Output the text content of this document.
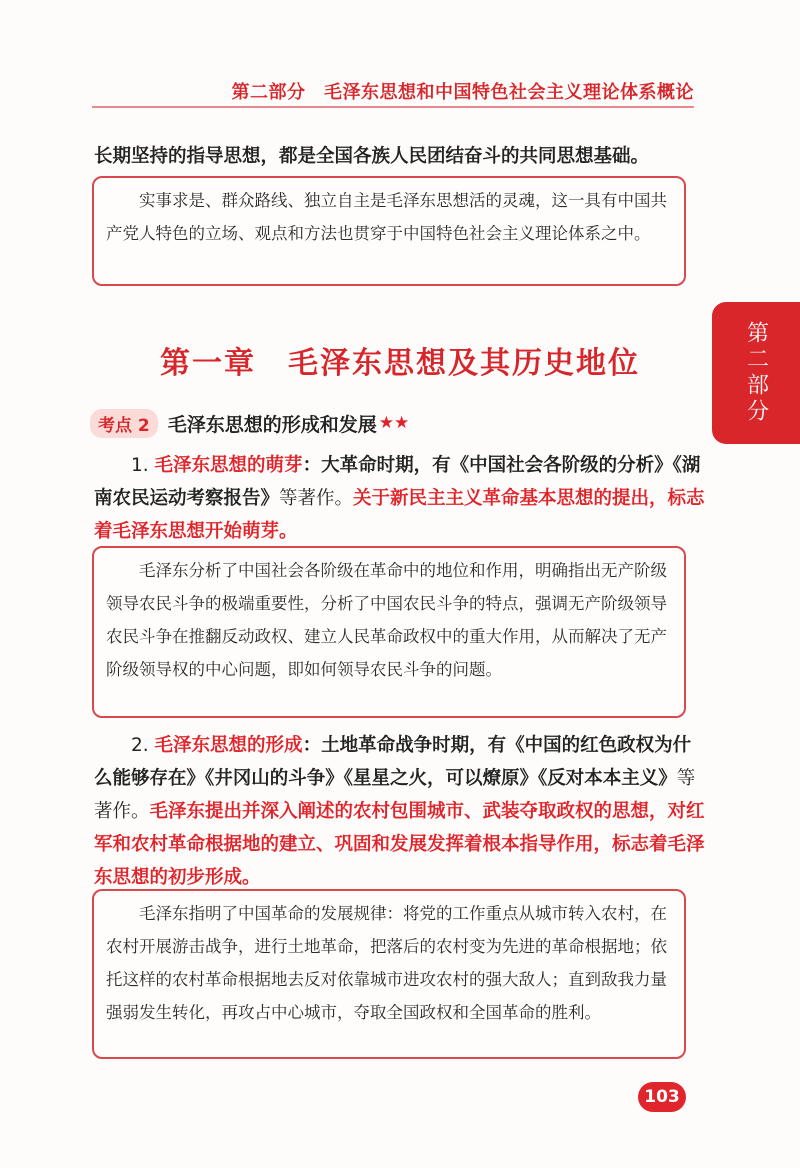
第二部分　毛泽东思想和中国特色社会主义理论体系概论

长期坚持的指导思想，都是全国各族人民团结奋斗的共同思想基础。

实事求是、群众路线、独立自主是毛泽东思想活的灵魂，这一具有中国共产党人特色的立场、观点和方法也贯穿于中国特色社会主义理论体系之中。
第二部分
第一章　毛泽东思想及其历史地位
考点 2 毛泽东思想的形成和发展 ★★

1. 毛泽东思想的萌芽：大革命时期，有《中国社会各阶级的分析》《湖南农民运动考察报告》等著作。关于新民主主义革命基本思想的提出，标志着毛泽东思想开始萌芽。

毛泽东分析了中国社会各阶级在革命中的地位和作用，明确指出无产阶级领导农民斗争的极端重要性，分析了中国农民斗争的特点，强调无产阶级领导农民斗争在推翻反动政权、建立人民革命政权中的重大作用，从而解决了无产阶级领导权的中心问题，即如何领导农民斗争的问题。

2. 毛泽东思想的形成：土地革命战争时期，有《中国的红色政权为什么能够存在》《井冈山的斗争》《星星之火，可以燎原》《反对本本主义》等著作。毛泽东提出并深入阐述的农村包围城市、武装夺取政权的思想，对红军和农村革命根据地的建立、巩固和发展发挥着根本指导作用，标志着毛泽东思想的初步形成。

毛泽东指明了中国革命的发展规律：将党的工作重点从城市转入农村，在农村开展游击战争，进行土地革命，把落后的农村变为先进的革命根据地；依托这样的农村革命根据地去反对依靠城市进攻农村的强大敌人；直到敌我力量强弱发生转化，再攻占中心城市，夺取全国政权和全国革命的胜利。
103
